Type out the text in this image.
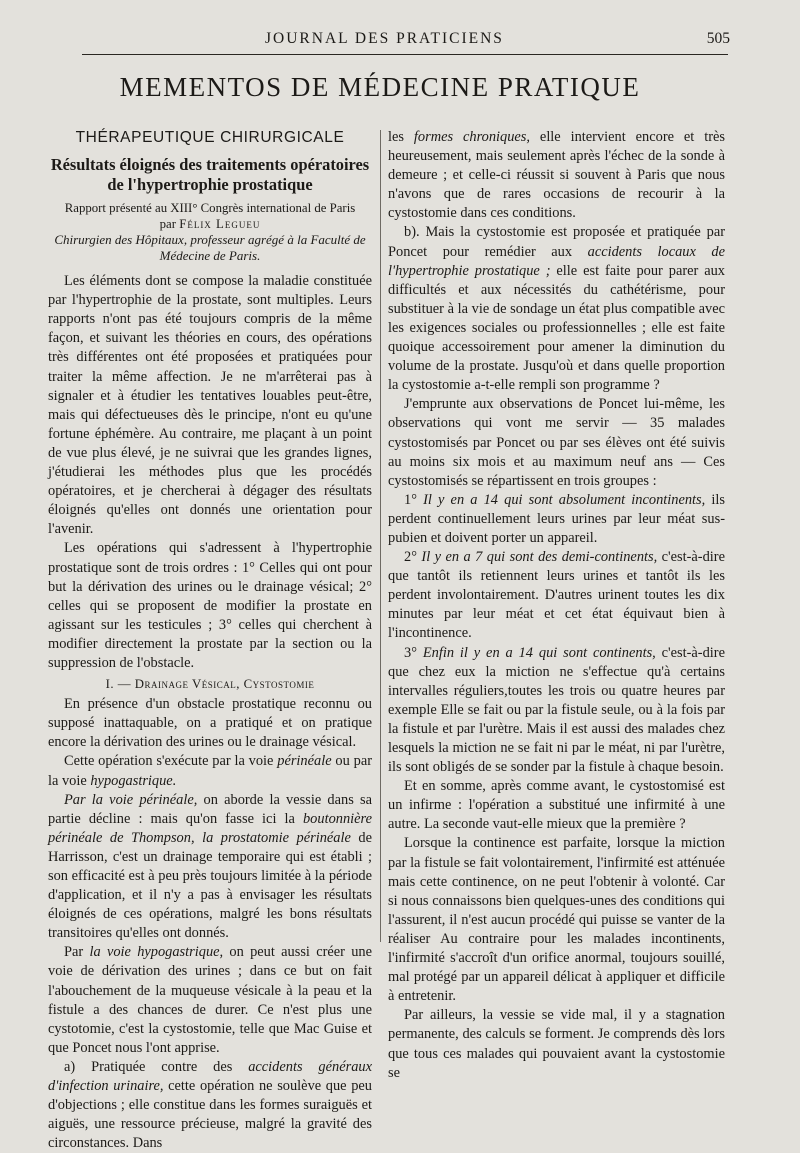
JOURNAL DES PRATICIENS	505
MEMENTOS DE MÉDECINE PRATIQUE
THÉRAPEUTIQUE CHIRURGICALE
Résultats éloignés des traitements opératoires
de l'hypertrophie prostatique
Rapport présenté au XIII° Congrès international de Paris
par Félix Legueu
Chirurgien des Hôpitaux, professeur agrégé à la Faculté de Médecine de Paris.

Les éléments dont se compose la maladie constituée par l'hypertrophie de la prostate, sont multiples. Leurs rapports n'ont pas été toujours compris de la même façon, et suivant les théories en cours, des opérations très différentes ont été proposées et pratiquées pour traiter la même affection. Je ne m'arrêterai pas à signaler et à étudier les tentatives louables peut-être, mais qui défectueuses dès le principe, n'ont eu qu'une fortune éphémère. Au contraire, me plaçant à un point de vue plus élevé, je ne suivrai que les grandes lignes, j'étudierai les méthodes plus que les procédés opératoires, et je chercherai à dégager des résultats éloignés qu'elles ont donnés une orientation pour l'avenir.

Les opérations qui s'adressent à l'hypertrophie prostatique sont de trois ordres : 1° Celles qui ont pour but la dérivation des urines ou le drainage vésical; 2° celles qui se proposent de modifier la prostate en agissant sur les testicules ; 3° celles qui cherchent à modifier directement la prostate par la section ou la suppression de l'obstacle.

I. — Drainage Vésical, Cystostomie

En présence d'un obstacle prostatique reconnu ou supposé inattaquable, on a pratiqué et on pratique encore la dérivation des urines ou le drainage vésical.

Cette opération s'exécute par la voie périnéale ou par la voie hypogastrique.

Par la voie périnéale, on aborde la vessie dans sa partie décline : mais qu'on fasse ici la boutonnière périnéale de Thompson, la prostatomie périnéale de Harrisson, c'est un drainage temporaire qui est établi ; son efficacité est à peu près toujours limitée à la période d'application, et il n'y a pas à envisager les résultats éloignés de ces opérations, malgré les bons résultats transitoires qu'elles ont donnés.

Par la voie hypogastrique, on peut aussi créer une voie de dérivation des urines ; dans ce but on fait l'abouchement de la muqueuse vésicale à la peau et la fistule a des chances de durer. Ce n'est plus une cystotomie, c'est la cystostomie, telle que Mac Guise et que Poncet nous l'ont apprise.

a) Pratiquée contre des accidents généraux d'infection urinaire, cette opération ne soulève que peu d'objections ; elle constitue dans les formes suraiguës et aiguës, une ressource précieuse, malgré la gravité des circonstances. Dans

les formes chroniques, elle intervient encore et très heureusement, mais seulement après l'échec de la sonde à demeure ; et celle-ci réussit si souvent à Paris que nous n'avons que de rares occasions de recourir à la cystostomie dans ces conditions.

b). Mais la cystostomie est proposée et pratiquée par Poncet pour remédier aux accidents locaux de l'hypertrophie prostatique ; elle est faite pour parer aux difficultés et aux nécessités du cathétérisme, pour substituer à la vie de sondage un état plus compatible avec les exigences sociales ou professionnelles ; elle est faite quoique accessoirement pour amener la diminution du volume de la prostate. Jusqu'où et dans quelle proportion la cystostomie a-t-elle rempli son programme ?

J'emprunte aux observations de Poncet lui-même, les observations qui vont me servir — 35 malades cystostomisés par Poncet ou par ses élèves ont été suivis au moins six mois et au maximum neuf ans — Ces cystostomisés se répartissent en trois groupes :

1° Il y en a 14 qui sont absolument incontinents, ils perdent continuellement leurs urines par leur méat sus-pubien et doivent porter un appareil.

2° Il y en a 7 qui sont des demi-continents, c'est-à-dire que tantôt ils retiennent leurs urines et tantôt ils les perdent involontairement. D'autres urinent toutes les dix minutes par leur méat et cet état équivaut bien à l'incontinence.

3° Enfin il y en a 14 qui sont continents, c'est-à-dire que chez eux la miction ne s'effectue qu'à certains intervalles réguliers,toutes les trois ou quatre heures par exemple Elle se fait ou par la fistule seule, ou à la fois par la fistule et par l'urètre. Mais il est aussi des malades chez lesquels la miction ne se fait ni par le méat, ni par l'urètre, ils sont obligés de se sonder par la fistule à chaque besoin.

Et en somme, après comme avant, le cystostomisé est un infirme : l'opération a substitué une infirmité à une autre. La seconde vaut-elle mieux que la première ?

Lorsque la continence est parfaite, lorsque la miction par la fistule se fait volontairement, l'infirmité est atténuée mais cette continence, on ne peut l'obtenir à volonté. Car si nous connaissons bien quelques-unes des conditions qui l'assurent, il n'est aucun procédé qui puisse se vanter de la réaliser Au contraire pour les malades incontinents, l'infirmité s'accroît d'un orifice anormal, toujours souillé, mal protégé par un appareil délicat à appliquer et difficile à entretenir.

Par ailleurs, la vessie se vide mal, il y a stagnation permanente, des calculs se forment. Je comprends dès lors que tous ces malades qui pouvaient avant la cystostomie se
